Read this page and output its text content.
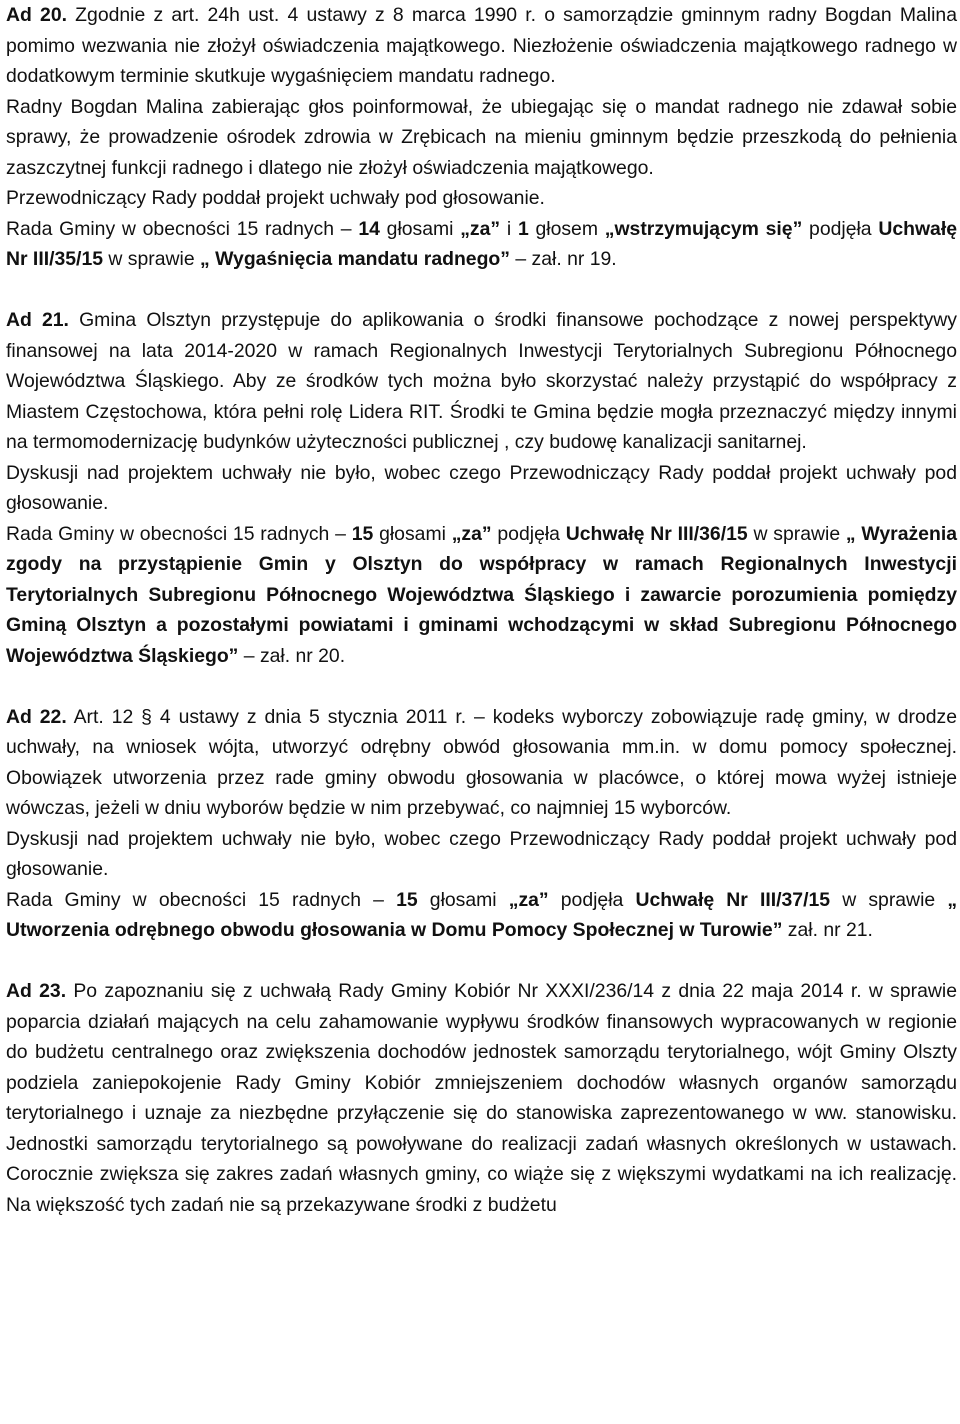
Ad 20. Zgodnie z art. 24h ust. 4 ustawy z 8 marca 1990 r. o samorządzie gminnym radny Bogdan Malina pomimo wezwania nie złożył oświadczenia majątkowego. Niezłożenie oświadczenia majątkowego radnego w dodatkowym terminie skutkuje wygaśnięciem mandatu radnego.

Radny Bogdan Malina zabierając głos poinformował, że ubiegając się o mandat radnego nie zdawał sobie sprawy, że prowadzenie ośrodek zdrowia w Zrębicach na mieniu gminnym będzie przeszkodą do pełnienia zaszczytnej funkcji radnego i dlatego nie złożył oświadczenia majątkowego.

Przewodniczący Rady poddał projekt uchwały pod głosowanie.

Rada Gminy w obecności 15 radnych – 14 głosami „za” i 1 głosem „wstrzymującym się” podjęła Uchwałę Nr III/35/15 w sprawie „ Wygaśnięcia mandatu radnego” – zał. nr 19.

Ad 21. Gmina Olsztyn przystępuje do aplikowania o środki finansowe pochodzące z nowej perspektywy finansowej na lata 2014-2020 w ramach Regionalnych Inwestycji Terytorialnych Subregionu Północnego Województwa Śląskiego. Aby ze środków tych można było skorzystać należy przystąpić do współpracy z Miastem Częstochowa, która pełni rolę Lidera RIT. Środki te Gmina będzie mogła przeznaczyć między innymi na termomodernizację budynków użyteczności publicznej , czy budowę kanalizacji sanitarnej.

Dyskusji nad projektem uchwały nie było, wobec czego Przewodniczący Rady poddał projekt uchwały pod głosowanie.

Rada Gminy w obecności 15 radnych – 15 głosami „za” podjęła Uchwałę Nr III/36/15 w sprawie „ Wyrażenia zgody na przystąpienie Gmin y Olsztyn do współpracy w ramach Regionalnych Inwestycji Terytorialnych Subregionu Północnego Województwa Śląskiego i zawarcie porozumienia pomiędzy Gminą Olsztyn a pozostałymi powiatami i gminami wchodzącymi w skład Subregionu Północnego Województwa Śląskiego” – zał. nr 20.

Ad 22. Art. 12 § 4 ustawy z dnia 5 stycznia 2011 r. – kodeks wyborczy zobowiązuje radę gminy, w drodze uchwały, na wniosek wójta, utworzyć odrębny obwód głosowania mm.in. w domu pomocy społecznej. Obowiązek utworzenia przez rade gminy obwodu głosowania w placówce, o której mowa wyżej istnieje wówczas, jeżeli w dniu wyborów będzie w nim przebywać, co najmniej 15 wyborców.

Dyskusji nad projektem uchwały nie było, wobec czego Przewodniczący Rady poddał projekt uchwały pod głosowanie.

Rada Gminy w obecności 15 radnych – 15 głosami „za” podjęła Uchwałę Nr III/37/15 w sprawie „ Utworzenia odrębnego obwodu głosowania w Domu Pomocy Społecznej w Turowie” zał. nr 21.

Ad 23. Po zapoznaniu się z uchwałą Rady Gminy Kobiór Nr XXXI/236/14 z dnia 22 maja 2014 r. w sprawie poparcia działań mających na celu zahamowanie wypływu środków finansowych wypracowanych w regionie do budżetu centralnego oraz zwiększenia dochodów jednostek samorządu terytorialnego, wójt Gminy Olszty podzielа zaniepokojenie Rady Gminy Kobiór zmniejszeniem dochodów własnych organów samorządu terytorialnego i uznaje za niezbędne przyłączenie się do stanowiska zaprezentowanego w ww. stanowisku. Jednostki samorządu terytorialnego są powoływane do realizacji zadań własnych określonych w ustawach. Corocznie zwiększa się zakres zadań własnych gminy, co wiąże się z większymi wydatkami na ich realizację. Na większość tych zadań nie są przekazywane środki z budżetu
